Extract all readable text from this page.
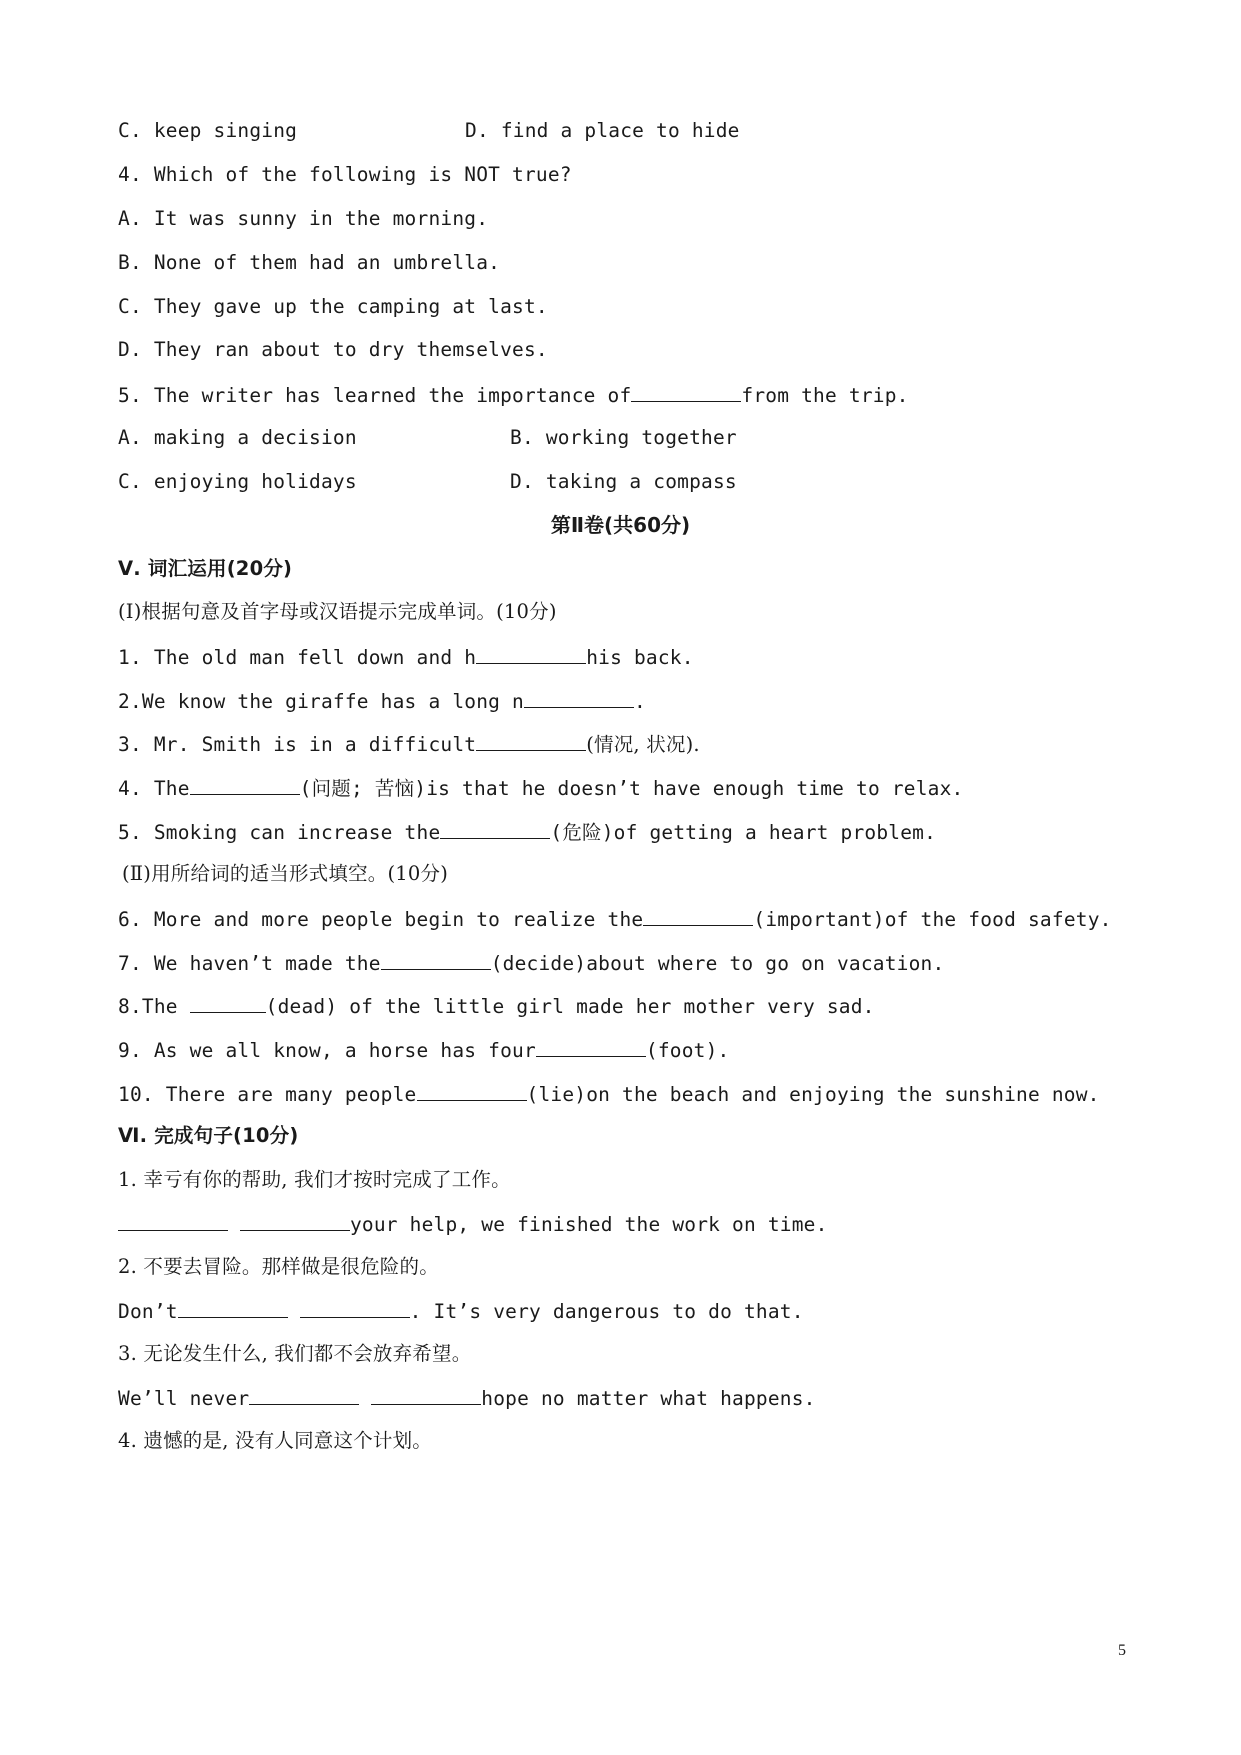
C. keep singing	D. find a place to hide
4. Which of the following is NOT true?
A. It was sunny in the morning.
B. None of them had an umbrella.
C. They gave up the camping at last.
D. They ran about to dry themselves.
5. The writer has learned the importance of	from the trip.
A. making a decision	B. working together
C. enjoying holidays	D. taking a compass
第Ⅱ卷(共60分)
Ⅴ. 词汇运用(20分)
(Ⅰ)根据句意及首字母或汉语提示完成单词。(10分)
1. The old man fell down and h	his back.
2.We know the giraffe has a long n	.
3. Mr. Smith is in a difficult	(情况, 状况).
4. The	(问题; 苦恼)is that he doesn’t have enough time to relax.
5. Smoking can increase the	(危险)of getting a heart problem.
(Ⅱ)用所给词的适当形式填空。(10分)
6. More and more people begin to realize the	(important)of the food safety.
7. We haven’t made the	(decide)about where to go on vacation.
8.The	(dead) of the little girl made her mother very sad.
9. As we all know, a horse has four	(foot).
10. There are many people	(lie)on the beach and enjoying the sunshine now.
Ⅵ. 完成句子(10分)
1. 幸亏有你的帮助, 我们才按时完成了工作。
your help, we finished the work on time.
2. 不要去冒险。那样做是很危险的。
Don’t	. It’s very dangerous to do that.
3. 无论发生什么, 我们都不会放弃希望。
We’ll never	hope no matter what happens.
4. 遗憾的是, 没有人同意这个计划。
5
